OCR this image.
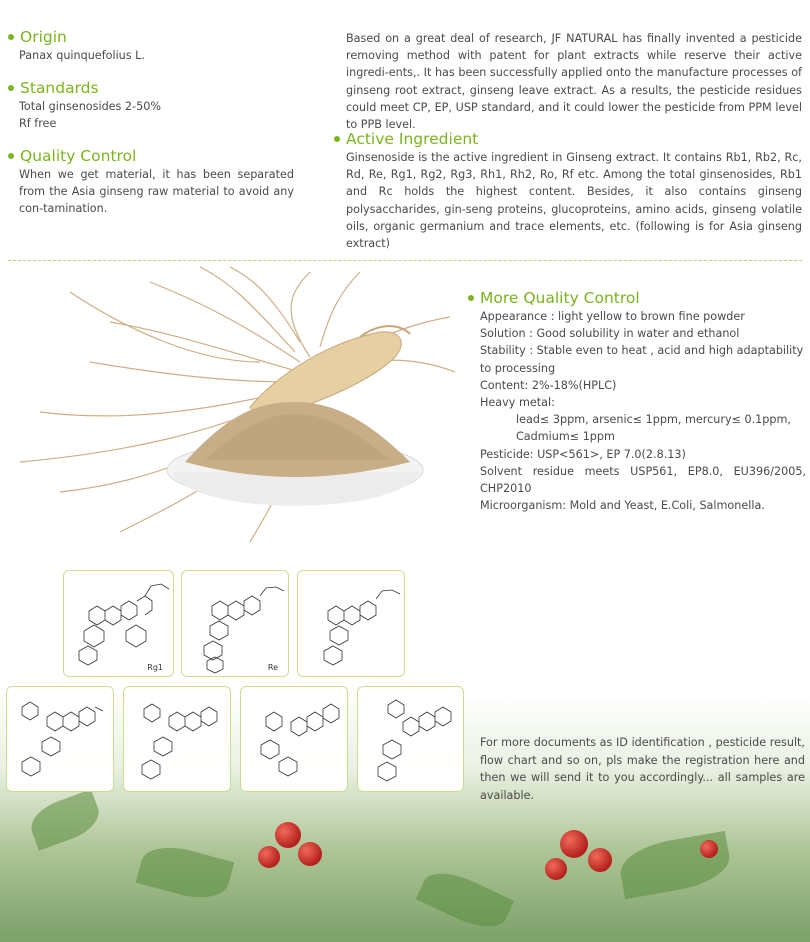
Origin
Panax quinquefolius L.
Standards
Total ginsenosides 2-50%
Rf free
Quality Control
When we get material, it has been separated from the Asia ginseng raw material to avoid any con-tamination.
Based on a great deal of research, JF NATURAL has finally invented a pesticide removing method with patent for plant extracts while reserve their active ingredi-ents,. It has been successfully applied onto the manufacture processes of ginseng root extract, ginseng leave extract. As a results, the pesticide residues could meet CP, EP, USP standard, and it could lower the pesticide from PPM level to PPB level.
Active Ingredient
Ginsenoside is the active ingredient in Ginseng extract. It contains Rb1, Rb2, Rc, Rd, Re, Rg1, Rg2, Rg3, Rh1, Rh2, Ro, Rf etc. Among the total ginsenosides, Rb1 and Rc holds the highest content. Besides, it also contains ginseng polysaccharides, gin-seng proteins, glucoproteins, amino acids, ginseng volatile oils, organic germanium and trace elements, etc. (following is for Asia ginseng extract)
More Quality Control
Appearance : light yellow to brown fine powder
Solution : Good solubility in water and ethanol
Stability : Stable even to heat , acid and high adaptability to processing
Content: 2%-18%(HPLC)
Heavy metal:
lead≤ 3ppm, arsenic≤ 1ppm, mercury≤ 0.1ppm,
Cadmium≤ 1ppm
Pesticide: USP<561>, EP 7.0(2.8.13)
Solvent residue meets USP561, EP8.0, EU396/2005, CHP2010
Microorganism: Mold and Yeast, E.Coli, Salmonella.
Rg1	Re
For more documents as ID identification , pesticide result, flow chart and so on, pls make the registration here and then we will send it to you accordingly... all samples are available.
